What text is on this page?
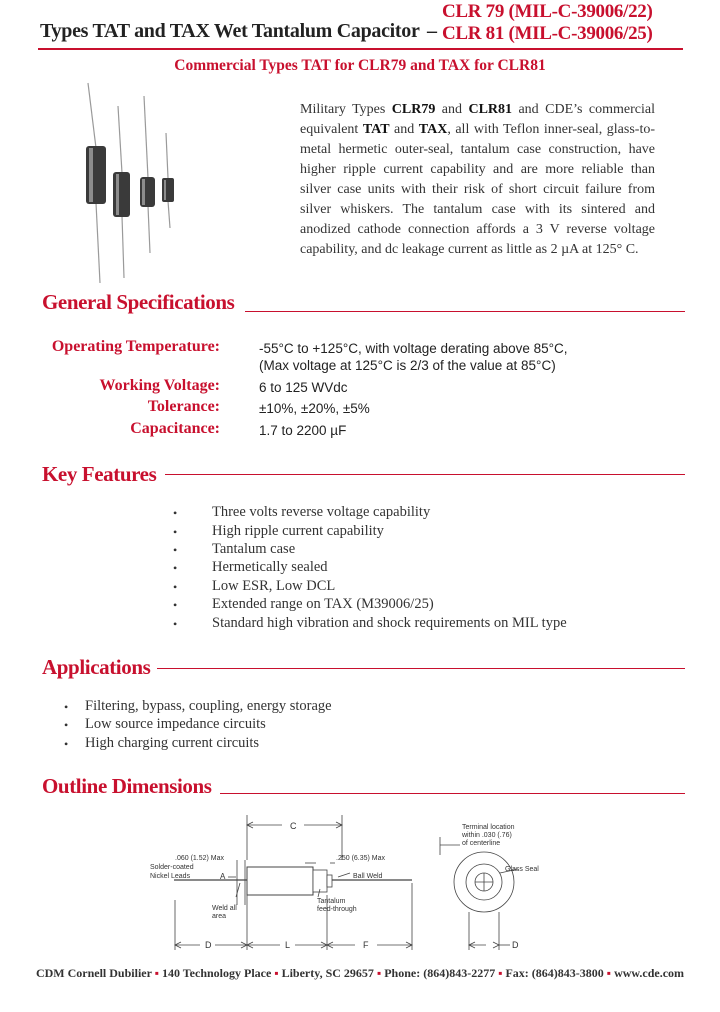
Types TAT and TAX Wet Tantalum Capacitor –
CLR 79 (MIL-C-39006/22)
CLR 81 (MIL-C-39006/25)
Commercial Types TAT for CLR79 and TAX for CLR81
Military Types CLR79 and CLR81 and CDE’s commercial equivalent TAT and TAX, all with Teflon inner-seal, glass-to-metal hermetic outer-seal, tantalum case construction, have higher ripple current capability and are more reliable than silver case units with their risk of short circuit failure from silver whiskers. The tantalum case with its sintered and anodized cathode connection affords a 3 V reverse voltage capability, and dc leakage current as little as 2 µA at 125° C.
General Specifications
Operating Temperature:	-55°C to +125°C, with voltage derating above 85°C,
(Max voltage at 125°C is 2/3 of the value at 85°C)
Working Voltage:	6 to 125 WVdc
Tolerance:	±10%, ±20%, ±5%
Capacitance:	1.7 to 2200 µF
Key Features
• Three volts reverse voltage capability
• High ripple current capability
• Tantalum case
• Hermetically sealed
• Low ESR, Low DCL
• Extended range on TAX (M39006/25)
• Standard high vibration and shock requirements on MIL type
Applications
• Filtering, bypass, coupling, energy storage
• Low source impedance circuits
• High charging current circuits
Outline Dimensions
C
.060 (1.52) Max
Solder-coated
Nickel Leads	A
.250 (6.35) Max
Ball Weld
Weld all
area
Tantalum
feed-through
D	L	F
Terminal location
within .030 (.76)
of centerline
Glass Seal
D
CDM Cornell Dubilier ▪ 140 Technology Place ▪ Liberty, SC 29657 ▪ Phone: (864)843-2277 ▪ Fax: (864)843-3800 ▪ www.cde.com
